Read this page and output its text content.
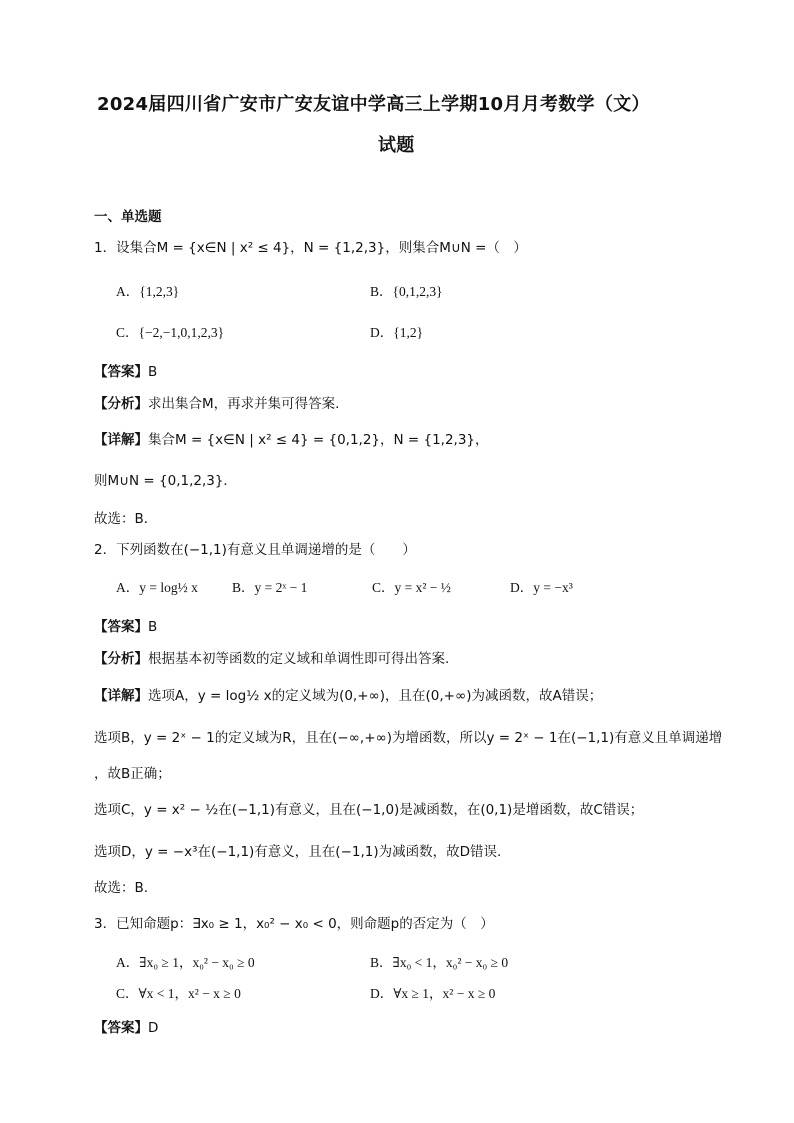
2024届四川省广安市广安友谊中学高三上学期10月月考数学（文）
试题
一、单选题
1．设集合M = {x∈N | x² ≤ 4}，N = {1,2,3}，则集合M∪N =（　）
A．{1,2,3}	B．{0,1,2,3}
C．{−2,−1,0,1,2,3}	D．{1,2}
【答案】B
【分析】求出集合M，再求并集可得答案.
【详解】集合M = {x∈N | x² ≤ 4} = {0,1,2}，N = {1,2,3}，
则M∪N = {0,1,2,3}．
故选：B．
2．下列函数在(−1,1)有意义且单调递增的是（　　）
A．y = log½ x	B．y = 2ˣ − 1	C．y = x² − ½	D．y = −x³
【答案】B
【分析】根据基本初等函数的定义域和单调性即可得出答案.
【详解】选项A，y = log½ x的定义域为(0,+∞)，且在(0,+∞)为减函数，故A错误；
选项B，y = 2ˣ − 1的定义域为R，且在(−∞,+∞)为增函数，所以y = 2ˣ − 1在(−1,1)有意义且单调递增
，故B正确；
选项C，y = x² − ½在(−1,1)有意义，且在(−1,0)是减函数，在(0,1)是增函数，故C错误；
选项D，y = −x³在(−1,1)有意义，且在(−1,1)为减函数，故D错误.
故选：B.
3．已知命题p：∃x₀ ≥ 1，x₀² − x₀ < 0，则命题p的否定为（　）
A．∃x₀ ≥ 1，x₀² − x₀ ≥ 0	B．∃x₀ < 1，x₀² − x₀ ≥ 0
C．∀x < 1，x² − x ≥ 0	D．∀x ≥ 1，x² − x ≥ 0
【答案】D
